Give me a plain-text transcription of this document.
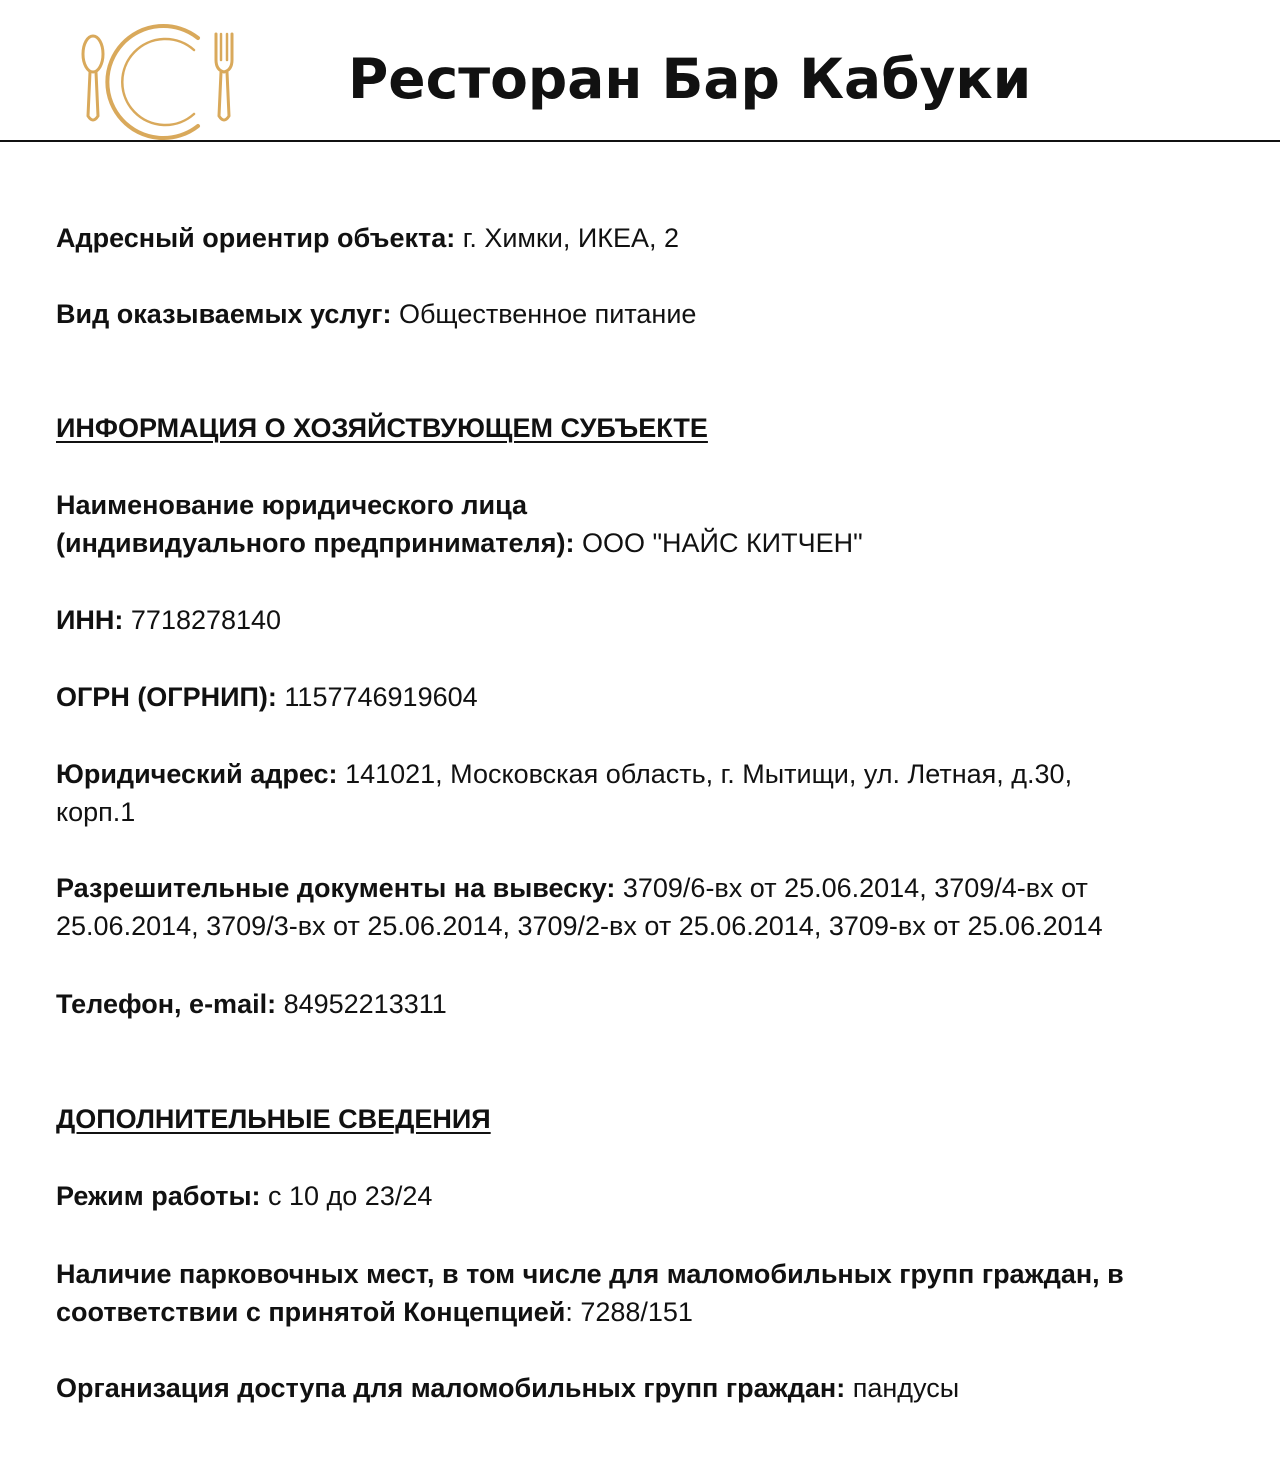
Ресторан Бар Кабуки

Адресный ориентир объекта: г. Химки, ИКЕА, 2

Вид оказываемых услуг: Общественное питание

ИНФОРМАЦИЯ О ХОЗЯЙСТВУЮЩЕМ СУБЪЕКТЕ

Наименование юридического лица
(индивидуального предпринимателя): ООО "НАЙС КИТЧЕН"

ИНН: 7718278140

ОГРН (ОГРНИП): 1157746919604

Юридический адрес: 141021, Московская область, г. Мытищи, ул. Летная, д.30, корп.1

Разрешительные документы на вывеску: 3709/6-вх от 25.06.2014, 3709/4-вх от 25.06.2014, 3709/3-вх от 25.06.2014, 3709/2-вх от 25.06.2014, 3709-вх от 25.06.2014

Телефон, e-mail: 84952213311

ДОПОЛНИТЕЛЬНЫЕ СВЕДЕНИЯ

Режим работы: с 10 до 23/24

Наличие парковочных мест, в том числе для маломобильных групп граждан, в соответствии с принятой Концепцией: 7288/151

Организация доступа для маломобильных групп граждан: пандусы
